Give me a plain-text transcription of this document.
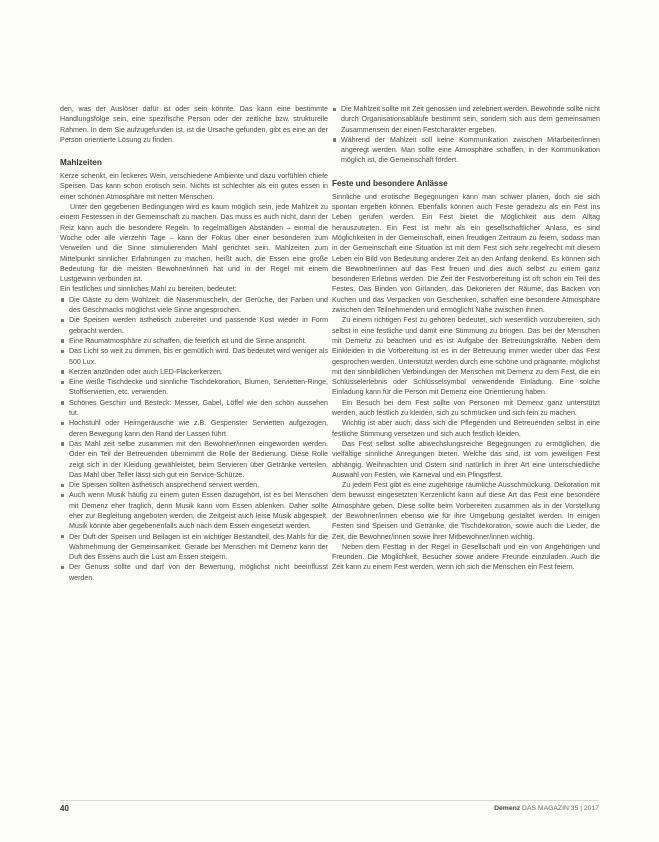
den, was der Auslöser dafür ist oder sein könnte. Das kann eine bestimmte Handlungsfolge sein, eine spezifische Person oder der zeitliche bzw. strukturelle Rahmen. In dem Sie aufzugefunden ist, ist die Ursache gefunden, gibt es eine an der Person orientierte Lösung zu finden.

Mahlzeiten

Kerze schenkt, ein leckeres Wein, verschiedene Ambiente und dazu vorfühlen chiefe Speisen. Das kann schon erotisch sein. Nichts ist schlechter als ein gutes essen in einer schönen Atmosphäre mit netten Menschen.

Unter den gegebenen Bedingungen wird es kaum möglich sein, jede Mahlzeit zu einem Festessen in der Gemeinschaft zu machen. Das muss es auch nicht, dann der Reiz kann auch die besondere Regeln. In regelmäßigen Abständen – einmal die Woche oder alle vierzehn Tage – kann der Fokus über einer besonderen zum Verweilen und die Sinne stimulierenden Mahl gerichtet sein. Mahlzeiten zum Mittelpunkt sinnlicher Erfahrungen zu machen, heißt auch, die Essen eine große Bedeutung für die meisten Bewohner/innen hat und in der Regel mit einem Lustgewinn verbunden ist.

Ein festliches und sinnliches Mahl zu bereiten, bedeutet:

Die Gäste zu dem Wohlzeit: die Nasenmuscheln, der Gerüche, der Farben und des Geschmacks möglichst viele Sinne angesprochen.
Die Speisen werden ästhetisch zubereitet und passende Kost wieder in Form gebracht werden.
Eine Raumatmosphäre zu schaffen, die feierlich ist und die Sinne anspricht.
Das Licht so weit zu dimmen, bis er gemütlich wird. Das bedeutet wird weniger als 500 Lux.
Kerzen anzünden oder auch LED-Flackerkerzen.
Eine weiße Tischdecke und sinnliche Tischdekoration, Blumen, Servietten-Ringe, Stoffservietten, etc. verwenden.
Schönes Geschirr und Besteck: Messer, Gabel, Löffel wie den schön aussehen tut.
Hochstuhl oder Heimgeräusche wie z.B. Gespenster Servietten aufgezogen, deren Bewegung kann den Rand der Lassen führt.
Das Mahl zeit selbe zusammen mit den Bewohner/innen eingeworden werden. Oder ein Teil der Betreuenden übernimmt die Rolle der Bedienung. Diese Rolle zeigt sich in der Kleidung gewähleistet, beim Servieren über Getränke verteilen. Das Mahl über Teller lässt sich gut ein Service-Schürze.
Die Speisen sollten ästhetisch ansprechend serviert werden.
Auch wenn Musik häufig zu einem guten Essen dazugehört, ist es bei Menschen mit Demenz eher fraglich, denn Musik kann vom Essen ablenken. Daher sollte eher zur Begleitung angeboten werden, die Zeitgeist auch leise Musik abgespielt. Musik könnte aber gegebenenfalls auch nach dem Essen eingesetzt werden.
Der Duft der Speisen und Beilagen ist ein wichtiger Bestandteil, des Mahls für die Wahrnehmung der Gemeinsamkeit. Gerade bei Menschen mit Demenz kann der Duft des Essens auch die Lust am Essen steigern.
Der Genuss sollte und darf von der Bewertung, möglichst nicht beeinflusst werden.
Die Mahlzeit sollte mit Zeit genossen und zelebriert werden. Bewohnde sollte nicht durch Organisationsabläufe bestimmt sein, sondern sich aus dem gemeinsamen Zusammensein der einen Festcharakter ergeben.
Während der Mahlzeit soll keine Kommunikation zwischen Mitarbeiter/innen angeregt werden. Man sollte eine Atmosphäre schaffen, in der Kommunikation möglich ist, die Gemeinschaft fördert.
Feste und besondere Anlässe

Sinnliche und erotische Begegnungen kann man schwer planen, doch sie sich spontan ergeben können. Ebenfalls können auch Feste geradezu als ein Fest ins Leben gerufen werden. Ein Fest bietet die Möglichkeit aus dem Alltag herauszutreten. Ein Fest ist mehr als ein gesellschaftlicher Anlass, es sind Möglichkeiten in der Gemeinschaft, einen freudigen Zeitraum zu feiern, sodass man in der Gemeinschaft eine Situation ist mit dem Fest sich sehr regelrecht mit diesem Leben ein Bild von Bedeutung anderer Zeit an den Anfang denkend. Es können sich die Bewohner/innen auf das Fest freuen und dies auch selbst zu einem ganz besonderen Erlebnis werden. Die Zeit der Festvorbereitung ist oft schon ein Teil des Festes. Das Binden von Girlanden, das Dekorieren der Räume, das Backen von Kuchen und das Verpacken von Geschenken, schaffen eine besondere Atmosphäre zwischen den Teilnehmenden und ermöglicht Nähe zwischen ihnen.

Zu einem richtigen Fest zu gehören bedeutet, sich wesentlich vorzubereiten, sich selbst in eine festliche und damit eine Stimmung zu bringen. Das bei der Menschen mit Demenz zu beachten und es ist Aufgabe der Betreuungskräfte. Neben dem Einkleiden in die Vorbereitung ist es in der Betreuung immer wieder über das Fest gesprochen werden. Unterstützt werden durch eine schöne und prägnante, möglichst mit den sinnbildlichen Verbindungen der Menschen mit Demenz zu dem Fest, die ein Schlüsselerlebnis oder Schlüsselsymbol verwendende Einladung. Eine solche Einladung kann für die Person mit Demenz eine Orientierung haben.

Ein Besuch bei dem Fest sollte von Personen mit Demenz ganz unterstützt werden, auch festlich zu kleiden, sich zu schmücken und sich fein zu machen.

Wichtig ist aber auch, dass sich die Pflegenden und Betreuenden selbst in eine festliche Stimmung versetzen und sich auch festlich kleiden.

Das Fest selbst sollte abwechslungsreiche Begegnungen zu ermöglichen, die vielfältige sinnliche Anregungen bieten. Welche das sind, ist vom jeweiligen Fest abhängig. Weihnachten und Ostern sind natürlich in ihrer Art eine unterschiedliche Auswahl von Festen, wie Karneval und ein Pfingstfest.

Zu jedem Fest gibt es eine zugehörige räumliche Ausschmückung. Dekoration mit dem bewusst eingesetzten Kerzenlicht kann auf diese Art das Fest eine besondere Atmosphäre geben. Diese sollte beim Vorbereiten zusammen als in der Vorstellung der Bewohner/innen ebenso wie für ihre Umgebung gestaltet werden. In einigen Festen sind Speisen und Getränke, die Tischdekoration, sowie auch die Lieder, die Zeit, die Bewohner/innen sowie ihrer Mitbewohner/innen wichtig.

Neben dem Festtag in der Regel in Gesellschaft und ein von Angehörigen und Freunden. Die Möglichkeit, Besucher sowie andere Freunde einzuladen. Auch die Zeit kann zu einem Fest werden, wenn ich sich die Menschen ein Fest feiern.

40	Demenz DAS MAGAZIN 35 | 2017
